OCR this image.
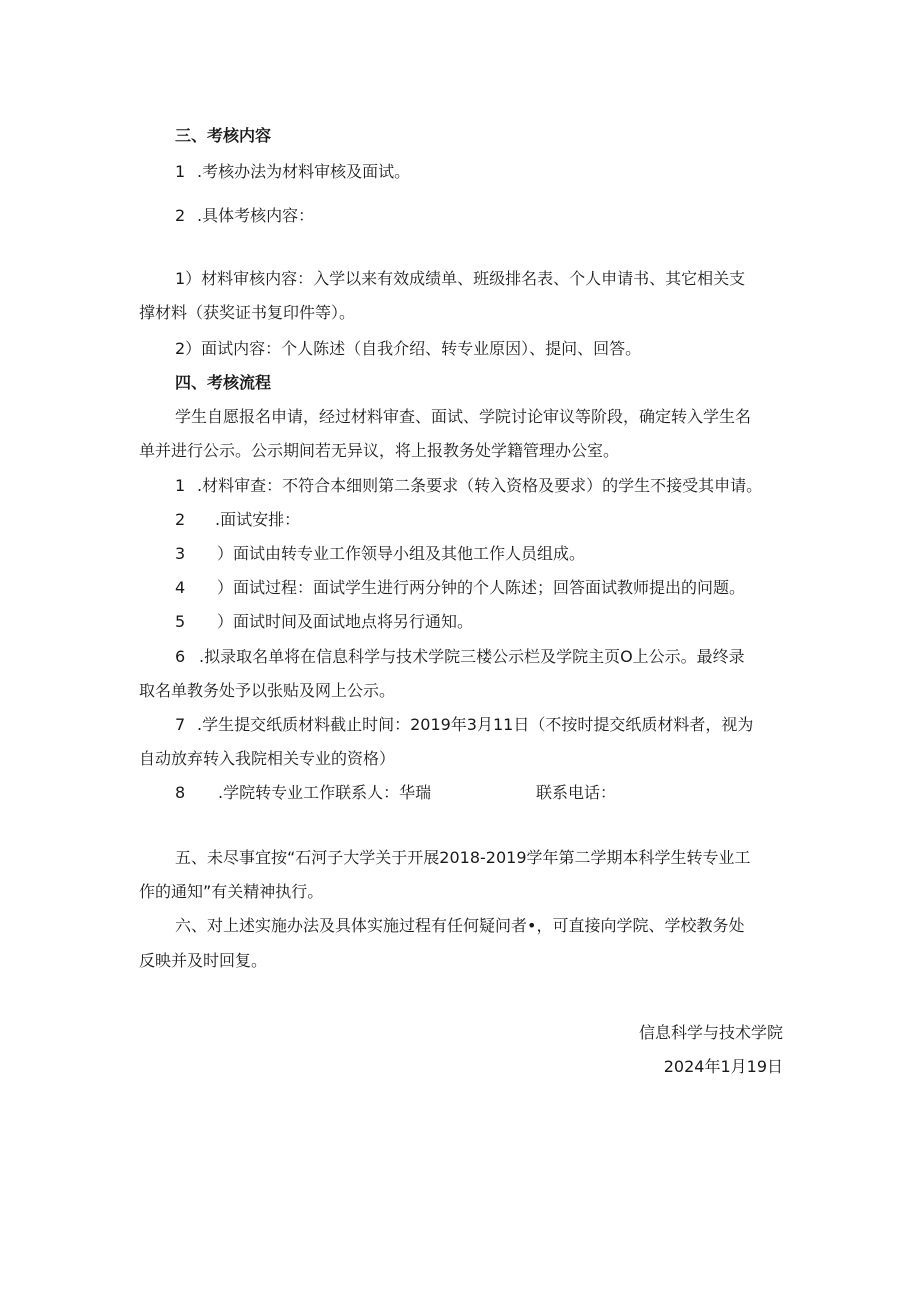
三、考核内容
1 .考核办法为材料审核及面试。
2 .具体考核内容：
1）材料审核内容：入学以来有效成绩单、班级排名表、个人申请书、其它相关支
撑材料（获奖证书复印件等）。
2）面试内容：个人陈述（自我介绍、转专业原因）、提问、回答。
四、考核流程
学生自愿报名申请，经过材料审查、面试、学院讨论审议等阶段，确定转入学生名
单并进行公示。公示期间若无异议，将上报教务处学籍管理办公室。
1 .材料审查：不符合本细则第二条要求（转入资格及要求）的学生不接受其申请。
2 .面试安排：
3 ）面试由转专业工作领导小组及其他工作人员组成。
4 ）面试过程：面试学生进行两分钟的个人陈述；回答面试教师提出的问题。
5 ）面试时间及面试地点将另行通知。
6 .拟录取名单将在信息科学与技术学院三楼公示栏及学院主页O上公示。最终录
取名单教务处予以张贴及网上公示。
7 .学生提交纸质材料截止时间：2019年3月11日（不按时提交纸质材料者，视为
自动放弃转入我院相关专业的资格）
8 .学院转专业工作联系人：华瑞	联系电话：
五、未尽事宜按“石河子大学关于开展2018-2019学年第二学期本科学生转专业工
作的通知”有关精神执行。
六、对上述实施办法及具体实施过程有任何疑问者•，可直接向学院、学校教务处
反映并及时回复。
信息科学与技术学院
2024年1月19日
